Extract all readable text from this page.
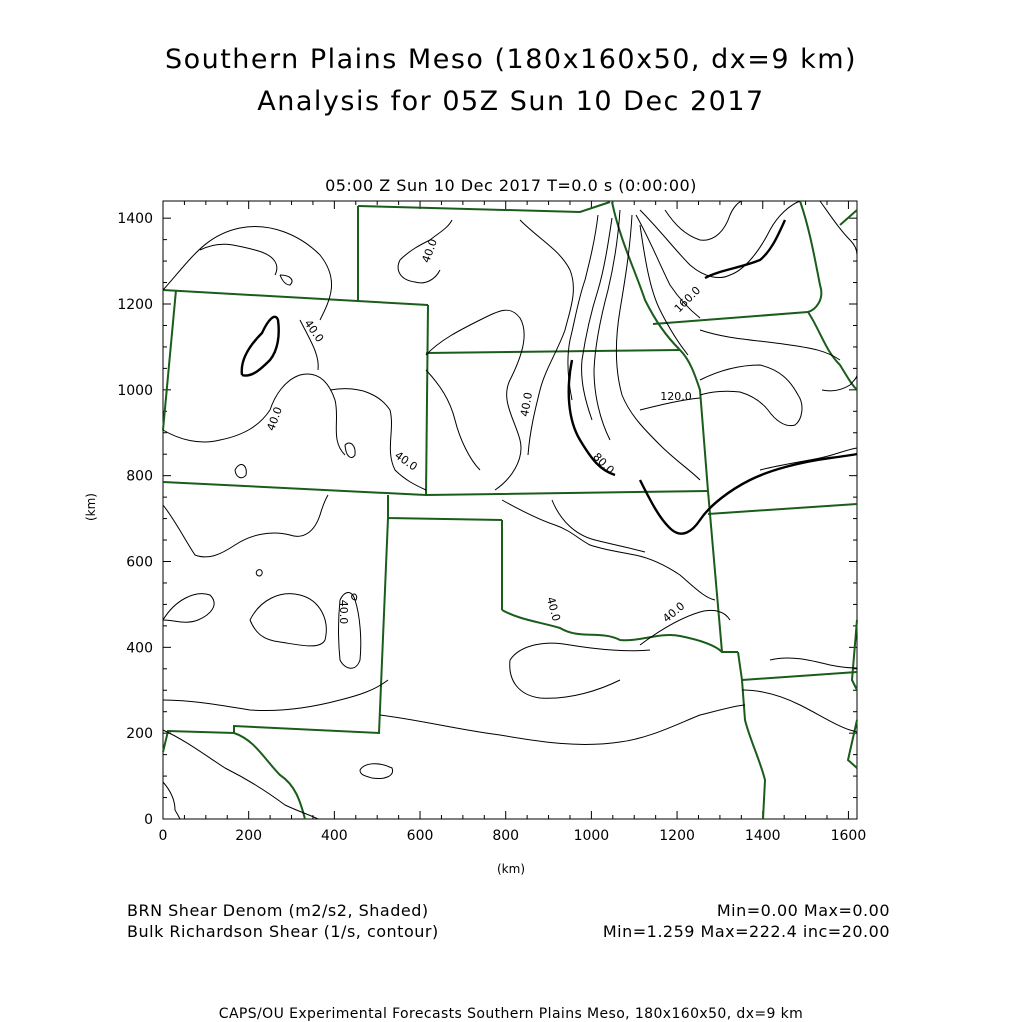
Southern Plains Meso (180x160x50, dx=9 km)
Analysis for 05Z Sun 10 Dec 2017
05:00 Z Sun 10 Dec 2017 T=0.0 s (0:00:00)
0	200	400	600	800	1000	1200	1400	1600
0
200
400
600
800
1000
1200
1400
40.0
40.0
40.0
40.0
40.0
40.0	40.0	40.0
80.0
120.0
160.0
(km)
(km)
BRN Shear Denom (m2/s2, Shaded)
Bulk Richardson Shear (1/s, contour)
Min=0.00 Max=0.00
Min=1.259 Max=222.4 inc=20.00
CAPS/OU Experimental Forecasts Southern Plains Meso, 180x160x50, dx=9 km
